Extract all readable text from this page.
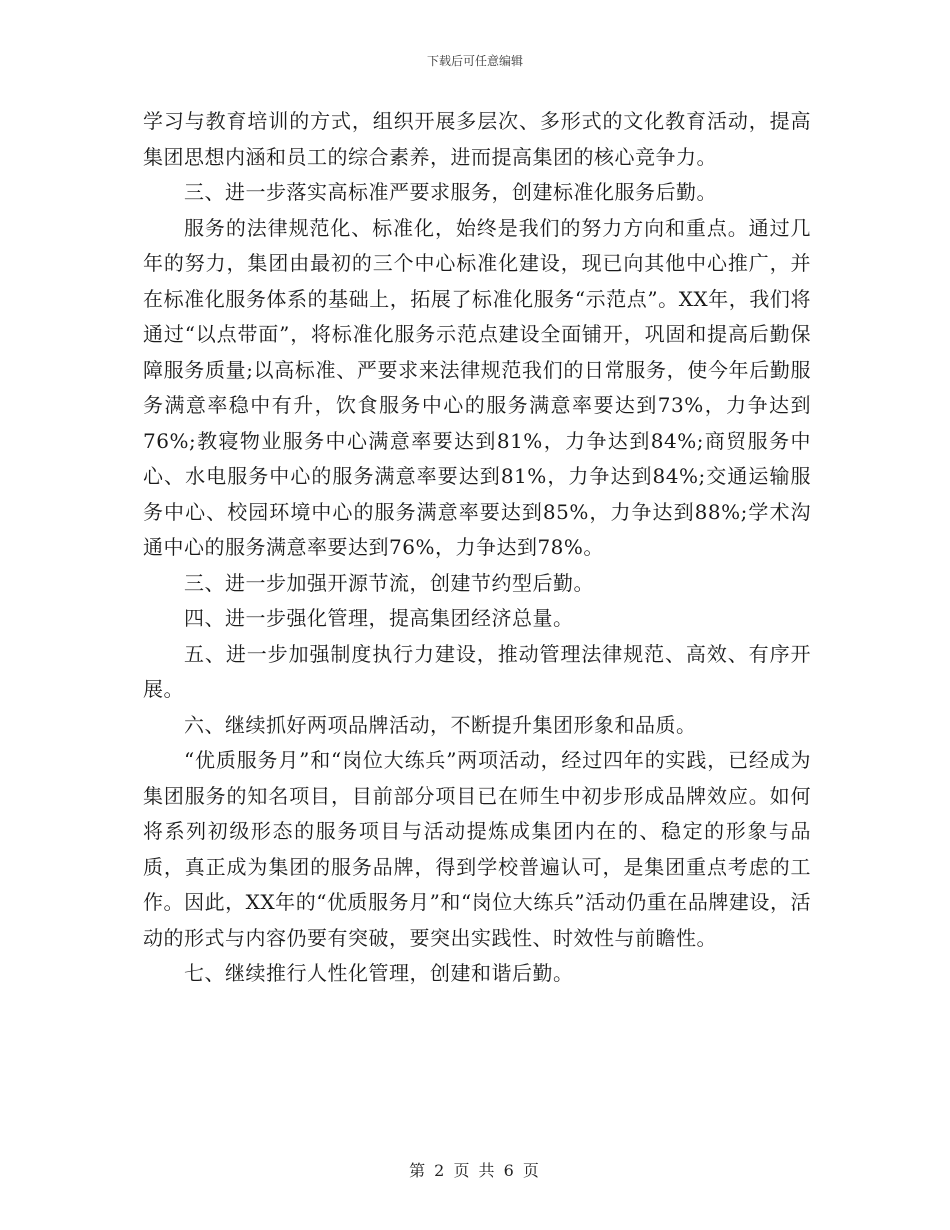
下载后可任意编辑

学习与教育培训的方式，组织开展多层次、多形式的文化教育活动，提高集团思想内涵和员工的综合素养，进而提高集团的核心竞争力。

三、进一步落实高标准严要求服务，创建标准化服务后勤。

服务的法律规范化、标准化，始终是我们的努力方向和重点。通过几年的努力，集团由最初的三个中心标准化建设，现已向其他中心推广，并在标准化服务体系的基础上，拓展了标准化服务“示范点”。XX年，我们将通过“以点带面”，将标准化服务示范点建设全面铺开，巩固和提高后勤保障服务质量;以高标准、严要求来法律规范我们的日常服务，使今年后勤服务满意率稳中有升，饮食服务中心的服务满意率要达到73%，力争达到76%;教寝物业服务中心满意率要达到81%，力争达到84%;商贸服务中心、水电服务中心的服务满意率要达到81%，力争达到84%;交通运输服务中心、校园环境中心的服务满意率要达到85%，力争达到88%;学术沟通中心的服务满意率要达到76%，力争达到78%。

三、进一步加强开源节流，创建节约型后勤。

四、进一步强化管理，提高集团经济总量。

五、进一步加强制度执行力建设，推动管理法律规范、高效、有序开展。

六、继续抓好两项品牌活动，不断提升集团形象和品质。

“优质服务月”和“岗位大练兵”两项活动，经过四年的实践，已经成为集团服务的知名项目，目前部分项目已在师生中初步形成品牌效应。如何将系列初级形态的服务项目与活动提炼成集团内在的、稳定的形象与品质，真正成为集团的服务品牌，得到学校普遍认可，是集团重点考虑的工作。因此，XX年的“优质服务月”和“岗位大练兵”活动仍重在品牌建设，活动的形式与内容仍要有突破，要突出实践性、时效性与前瞻性。

七、继续推行人性化管理，创建和谐后勤。

第 2 页 共 6 页
